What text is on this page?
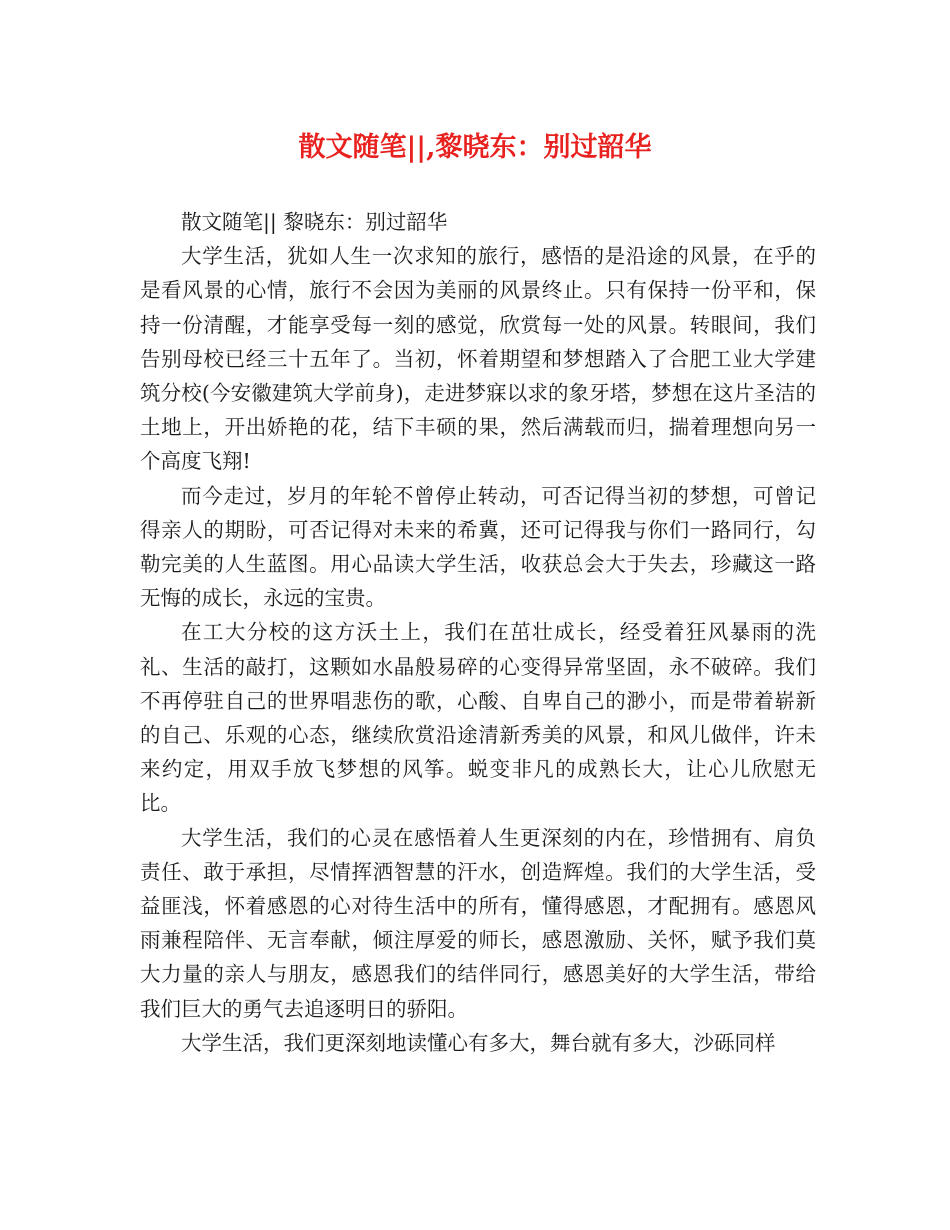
散文随笔||,黎晓东：别过韶华

散文随笔|| 黎晓东：别过韶华

大学生活，犹如人生一次求知的旅行，感悟的是沿途的风景，在乎的是看风景的心情，旅行不会因为美丽的风景终止。只有保持一份平和，保持一份清醒，才能享受每一刻的感觉，欣赏每一处的风景。转眼间，我们告别母校已经三十五年了。当初，怀着期望和梦想踏入了合肥工业大学建筑分校(今安徽建筑大学前身)，走进梦寐以求的象牙塔，梦想在这片圣洁的土地上，开出娇艳的花，结下丰硕的果，然后满载而归，揣着理想向另一个高度飞翔!

而今走过，岁月的年轮不曾停止转动，可否记得当初的梦想，可曾记得亲人的期盼，可否记得对未来的希冀，还可记得我与你们一路同行，勾勒完美的人生蓝图。用心品读大学生活，收获总会大于失去，珍藏这一路无悔的成长，永远的宝贵。

在工大分校的这方沃土上，我们在茁壮成长，经受着狂风暴雨的洗礼、生活的敲打，这颗如水晶般易碎的心变得异常坚固，永不破碎。我们不再停驻自己的世界唱悲伤的歌，心酸、自卑自己的渺小，而是带着崭新的自己、乐观的心态，继续欣赏沿途清新秀美的风景，和风儿做伴，许未来约定，用双手放飞梦想的风筝。蜕变非凡的成熟长大，让心儿欣慰无比。

大学生活，我们的心灵在感悟着人生更深刻的内在，珍惜拥有、肩负责任、敢于承担，尽情挥洒智慧的汗水，创造辉煌。我们的大学生活，受益匪浅，怀着感恩的心对待生活中的所有，懂得感恩，才配拥有。感恩风雨兼程陪伴、无言奉献，倾注厚爱的师长，感恩激励、关怀，赋予我们莫大力量的亲人与朋友，感恩我们的结伴同行，感恩美好的大学生活，带给我们巨大的勇气去追逐明日的骄阳。

大学生活，我们更深刻地读懂心有多大，舞台就有多大，沙砾同样
